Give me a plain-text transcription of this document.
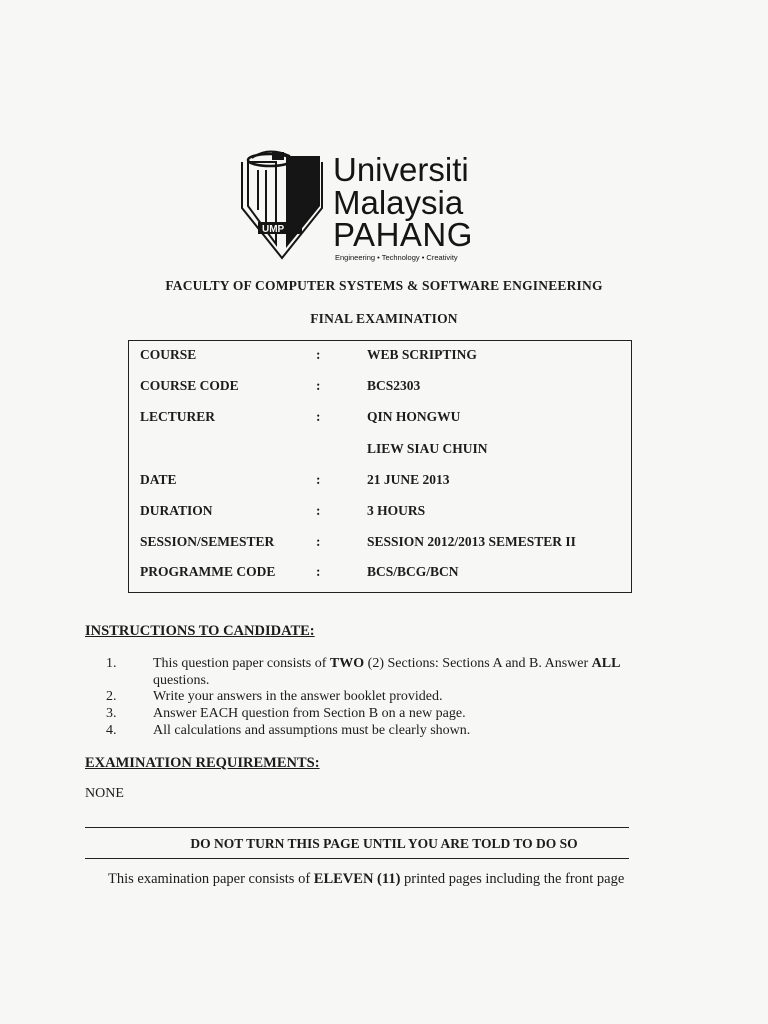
UMP
Universiti
Malaysia
PAHANG
Engineering • Technology • Creativity
FACULTY OF COMPUTER SYSTEMS & SOFTWARE ENGINEERING
FINAL EXAMINATION
COURSE	:	WEB SCRIPTING
COURSE CODE	:	BCS2303
LECTURER	:	QIN HONGWU
LIEW SIAU CHUIN
DATE	:	21 JUNE 2013
DURATION	:	3 HOURS
SESSION/SEMESTER	:	SESSION 2012/2013 SEMESTER II
PROGRAMME CODE	:	BCS/BCG/BCN
INSTRUCTIONS TO CANDIDATE:
1.	This question paper consists of TWO (2) Sections: Sections A and B. Answer ALL questions.
2.	Write your answers in the answer booklet provided.
3.	Answer EACH question from Section B on a new page.
4.	All calculations and assumptions must be clearly shown.
EXAMINATION REQUIREMENTS:
NONE
DO NOT TURN THIS PAGE UNTIL YOU ARE TOLD TO DO SO
This examination paper consists of ELEVEN (11) printed pages including the front page
